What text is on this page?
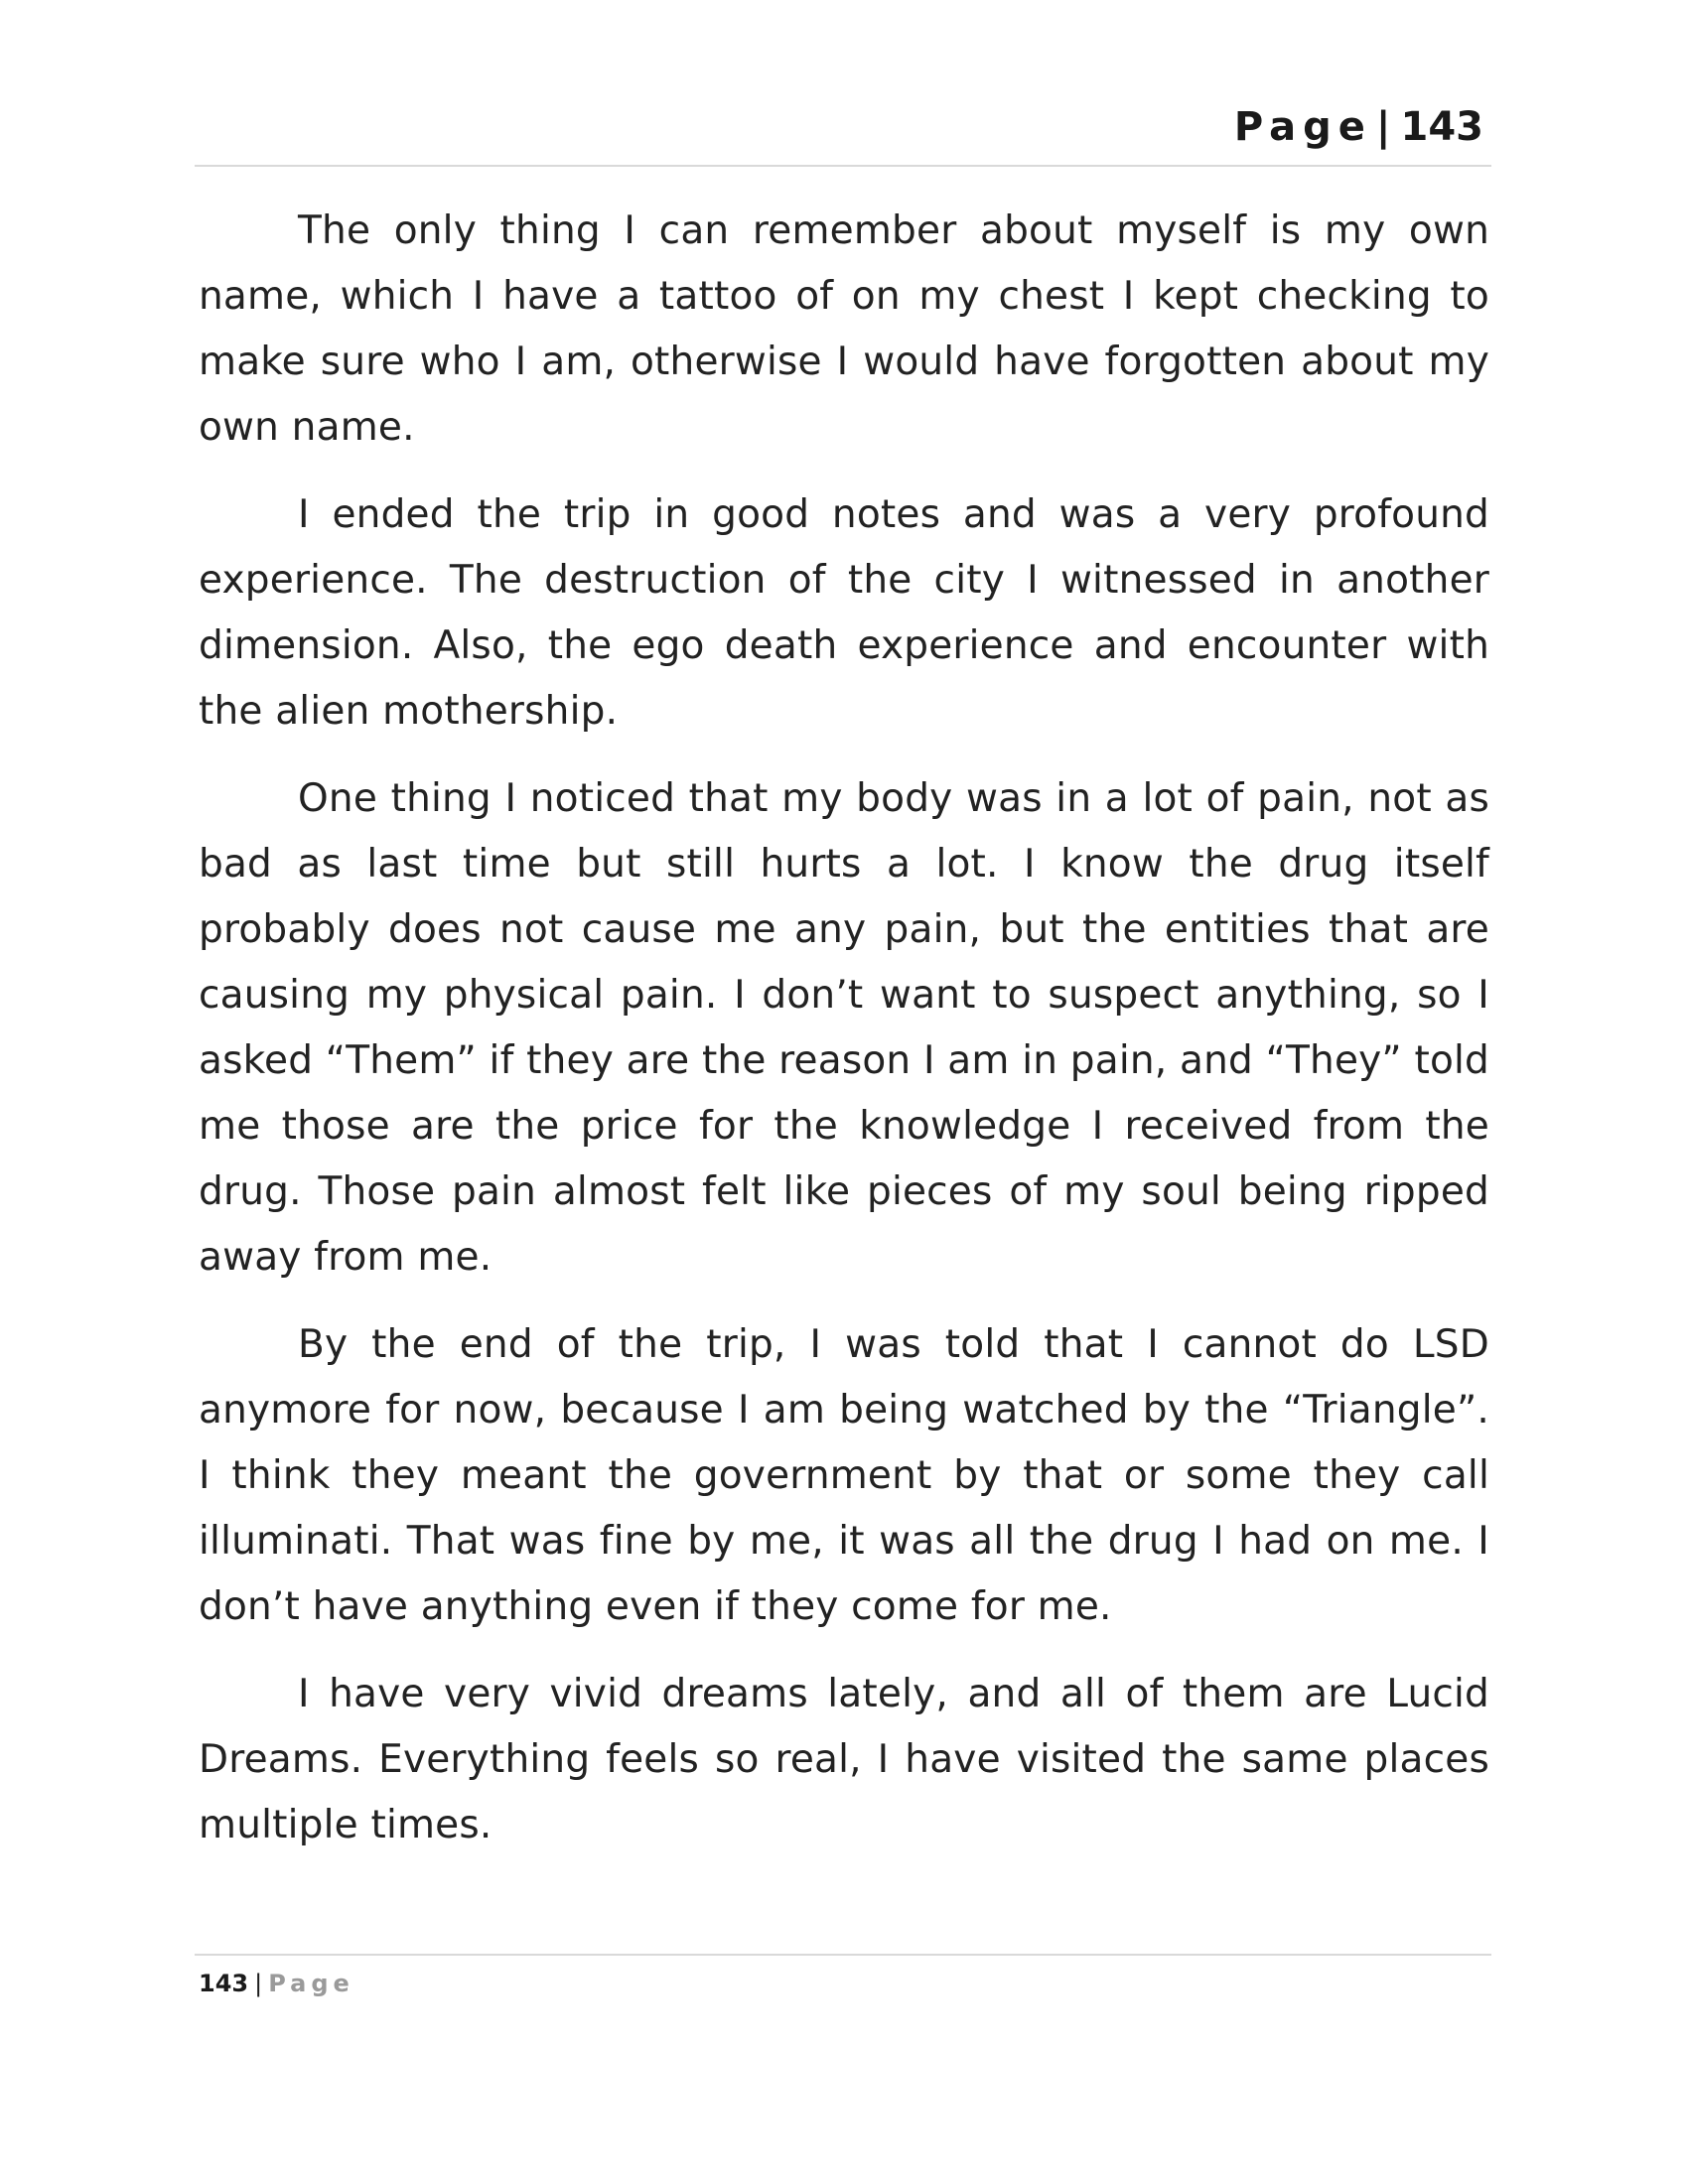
Page | 143

The only thing I can remember about myself is my own name, which I have a tattoo of on my chest I kept checking to make sure who I am, otherwise I would have forgotten about my own name.

I ended the trip in good notes and was a very profound experience. The destruction of the city I witnessed in another dimension. Also, the ego death experience and encounter with the alien mothership.

One thing I noticed that my body was in a lot of pain, not as bad as last time but still hurts a lot. I know the drug itself probably does not cause me any pain, but the entities that are causing my physical pain. I don’t want to suspect anything, so I asked “Them” if they are the reason I am in pain, and “They” told me those are the price for the knowledge I received from the drug. Those pain almost felt like pieces of my soul being ripped away from me.

By the end of the trip, I was told that I cannot do LSD anymore for now, because I am being watched by the “Triangle”. I think they meant the government by that or some they call illuminati. That was fine by me, it was all the drug I had on me. I don’t have anything even if they come for me.

I have very vivid dreams lately, and all of them are Lucid Dreams. Everything feels so real, I have visited the same places multiple times.

143 | Page
